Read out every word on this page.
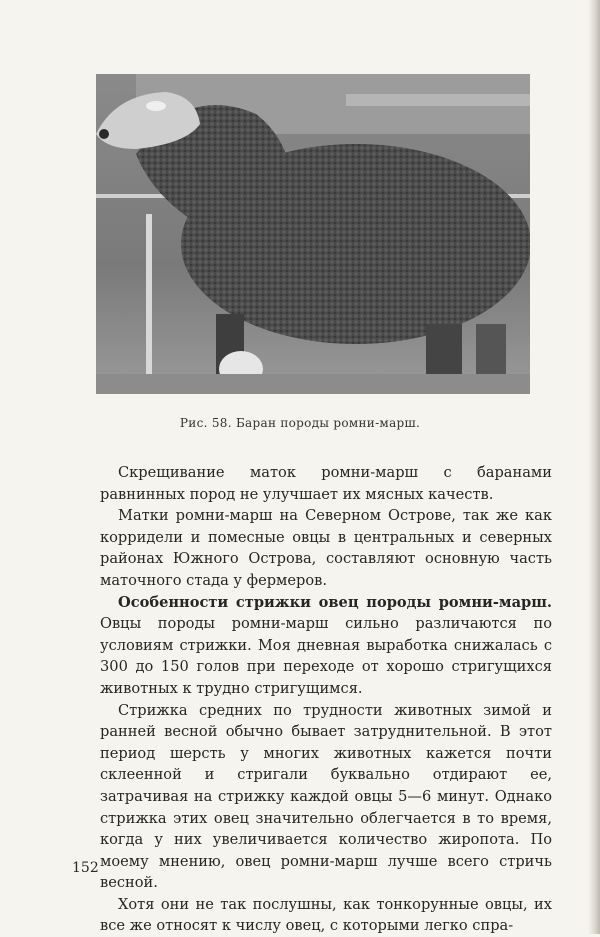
Рис. 58. Баран породы ромни-марш.

Скрещивание маток ромни-марш с баранами равнинных пород не улучшает их мясных качеств.

Матки ромни-марш на Северном Острове, так же как корридели и помесные овцы в центральных и северных районах Южного Острова, составляют основную часть маточного стада у фермеров.

Особенности стрижки овец породы ромни-марш. Овцы породы ромни-марш сильно различаются по условиям стрижки. Моя дневная выработка снижалась с 300 до 150 голов при переходе от хорошо стригущихся животных к трудно стригущимся.

Стрижка средних по трудности животных зимой и ранней весной обычно бывает затруднительной. В этот период шерсть у многих животных кажется почти склеенной и стригали буквально отдирают ее, затрачивая на стрижку каждой овцы 5—6 минут. Однако стрижка этих овец значительно облегчается в то время, когда у них увеличивается количество жиропота. По моему мнению, овец ромни-марш лучше всего стричь весной.

Хотя они не так послушны, как тонкорунные овцы, их все же относят к числу овец, с которыми легко спра-

152
